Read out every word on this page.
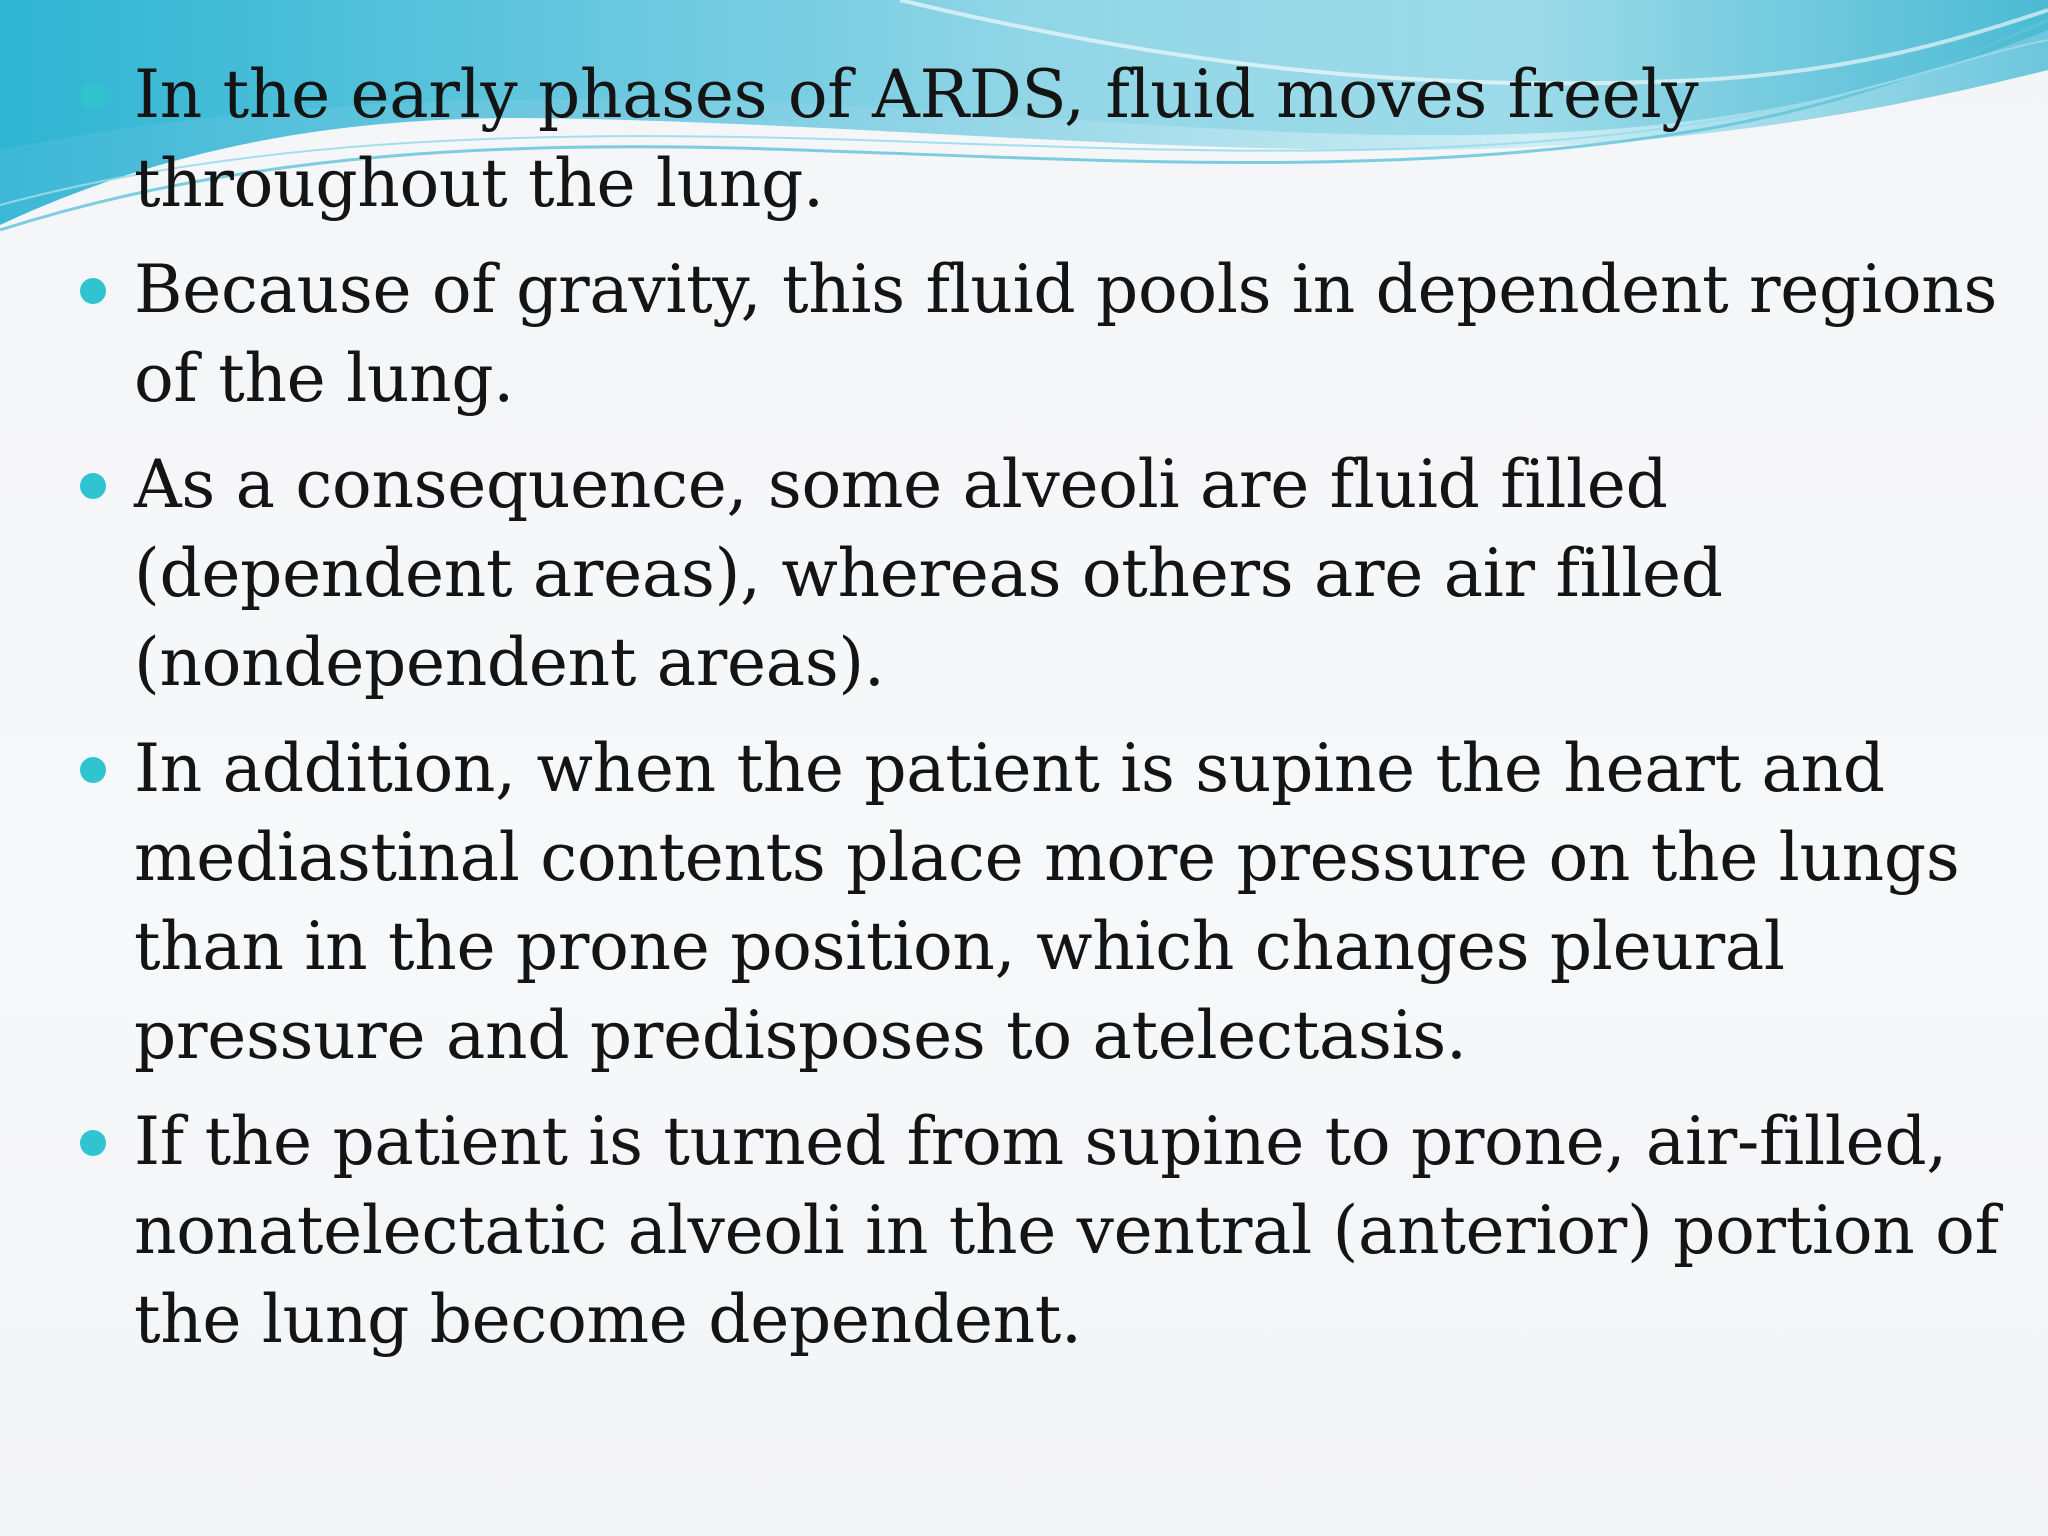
In the early phases of ARDS, fluid moves freely throughout the lung.
Because of gravity, this fluid pools in dependent regions of the lung.
As a consequence, some alveoli are fluid filled (dependent areas), whereas others are air filled (nondependent areas).
In addition, when the patient is supine the heart and mediastinal contents place more pressure on the lungs than in the prone position, which changes pleural pressure and predisposes to atelectasis.
If the patient is turned from supine to prone, air-filled, nonatelectatic alveoli in the ventral (anterior) portion of the lung become dependent.
